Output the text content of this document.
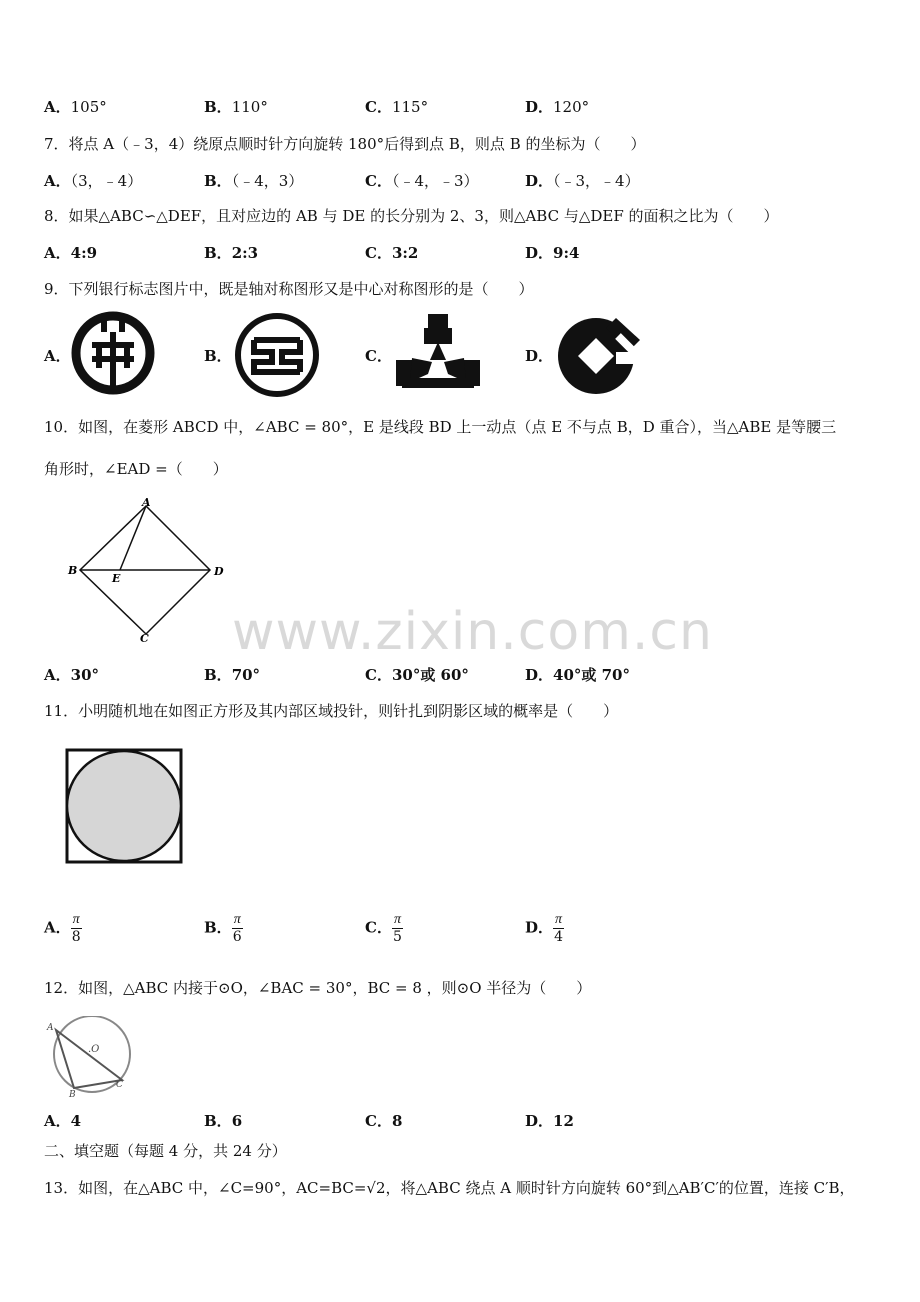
A．105°	B．110°	C．115°	D．120°
7．将点 A（﹣3，4）绕原点顺时针方向旋转 180°后得到点 B，则点 B 的坐标为（　　）
A．（3，﹣4）	B．（﹣4，3）	C．（﹣4，﹣3）	D．（﹣3，﹣4）
8．如果△ABC∽△DEF，且对应边的 AB 与 DE 的长分别为 2、3，则△ABC 与△DEF 的面积之比为（　　）
A．4:9	B．2:3	C．3:2	D．9:4
9．下列银行标志图片中，既是轴对称图形又是中心对称图形的是（　　）
A．	B．	C．	D．
10．如图，在菱形 ABCD 中，∠ABC = 80°，E 是线段 BD 上一动点（点 E 不与点 B，D 重合），当△ABE 是等腰三
角形时，∠EAD =（　　）
A
B	D
C
E
www.zixin.com.cn
A．30°	B．70°	C．30°或 60°	D．40°或 70°
11．小明随机地在如图正方形及其内部区域投针，则针扎到阴影区域的概率是（　　）
A． $\frac{\pi}{8}$	B． $\frac{\pi}{6}$	C． $\frac{\pi}{5}$	D． $\frac{\pi}{4}$
12．如图，△ABC 内接于⊙O，∠BAC = 30°，BC = 8 ，则⊙O 半径为（　　）
A
B
C
.O
A．4	B．6	C．8	D．12
二、填空题（每题 4 分，共 24 分）
13．如图，在△ABC 中，∠C=90°，AC=BC=√2，将△ABC 绕点 A 顺时针方向旋转 60°到△AB′C′的位置，连接 C′B，
